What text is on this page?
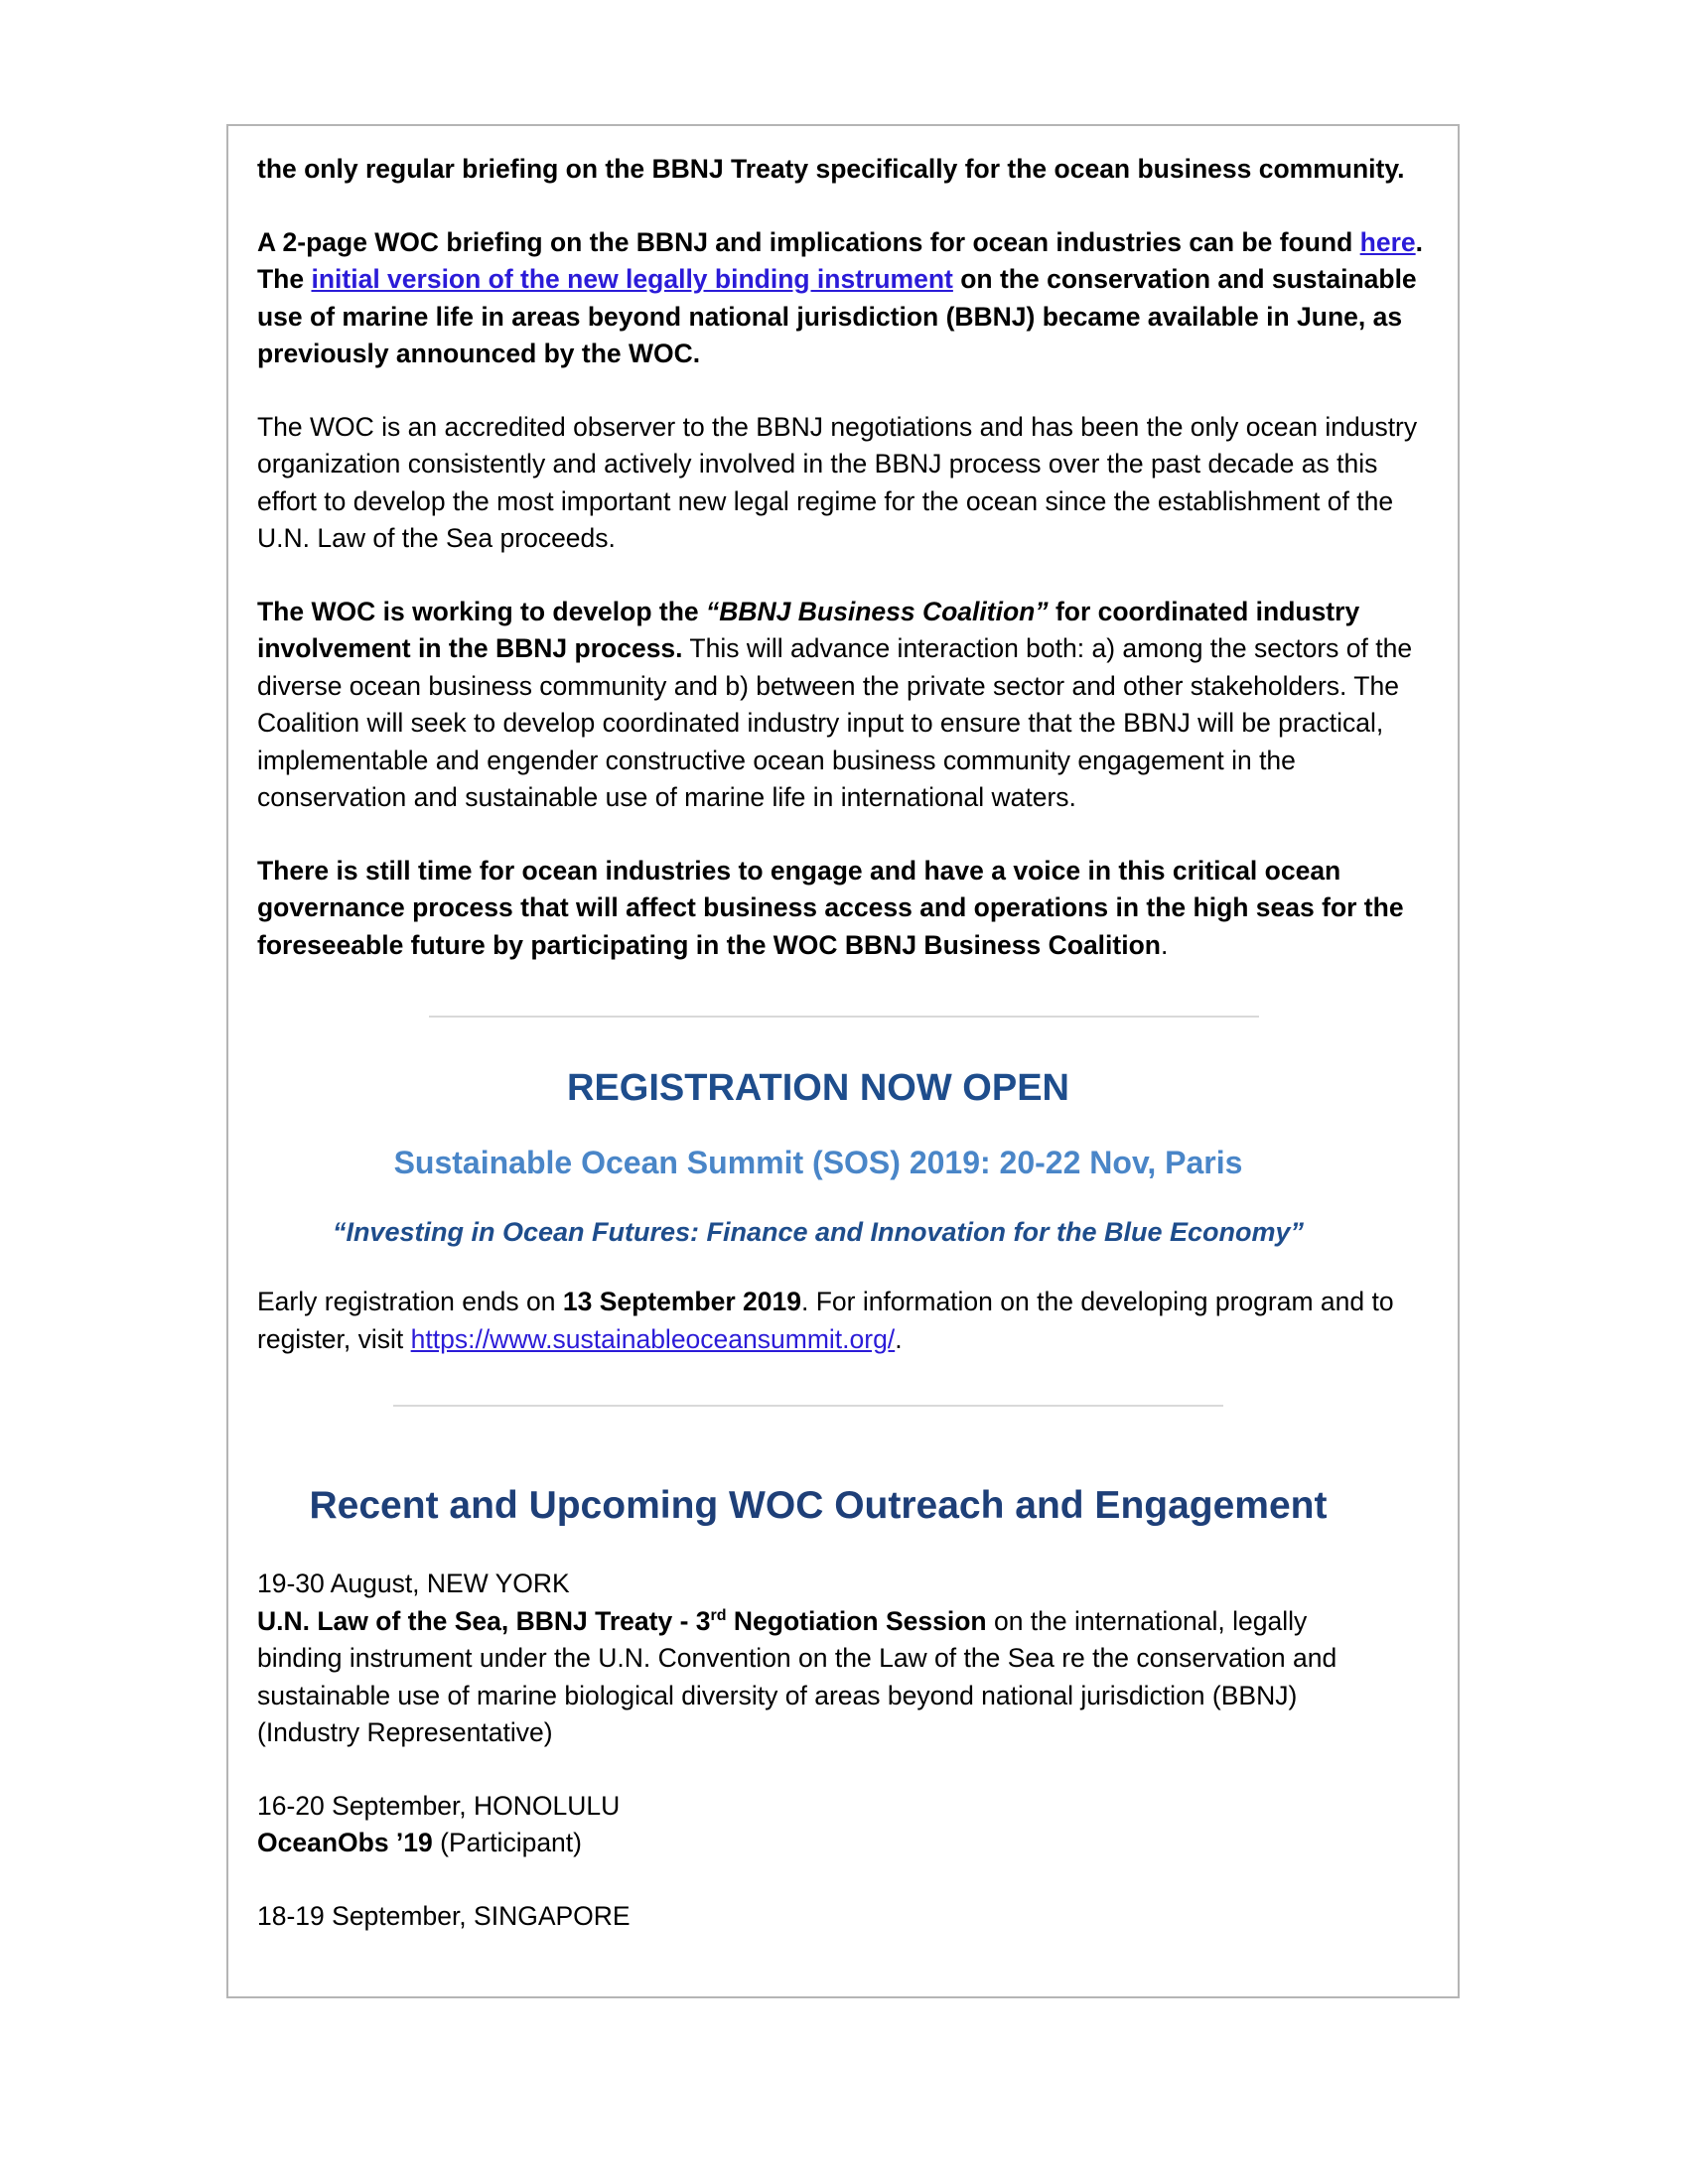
the only regular briefing on the BBNJ Treaty specifically for the ocean business community.

A 2-page WOC briefing on the BBNJ and implications for ocean industries can be found here.
The initial version of the new legally binding instrument on the conservation and sustainable use of marine life in areas beyond national jurisdiction (BBNJ) became available in June, as previously announced by the WOC.

The WOC is an accredited observer to the BBNJ negotiations and has been the only ocean industry organization consistently and actively involved in the BBNJ process over the past decade as this effort to develop the most important new legal regime for the ocean since the establishment of the U.N. Law of the Sea proceeds.

The WOC is working to develop the “BBNJ Business Coalition” for coordinated industry involvement in the BBNJ process. This will advance interaction both: a) among the sectors of the diverse ocean business community and b) between the private sector and other stakeholders. The Coalition will seek to develop coordinated industry input to ensure that the BBNJ will be practical, implementable and engender constructive ocean business community engagement in the conservation and sustainable use of marine life in international waters.

There is still time for ocean industries to engage and have a voice in this critical ocean governance process that will affect business access and operations in the high seas for the foreseeable future by participating in the WOC BBNJ Business Coalition.

REGISTRATION NOW OPEN
Sustainable Ocean Summit (SOS) 2019: 20-22 Nov, Paris
“Investing in Ocean Futures: Finance and Innovation for the Blue Economy”

Early registration ends on 13 September 2019. For information on the developing program and to register, visit https://www.sustainableoceansummit.org/.

Recent and Upcoming WOC Outreach and Engagement

19-30 August, NEW YORK

U.N. Law of the Sea, BBNJ Treaty - 3rd Negotiation Session on the international, legally binding instrument under the U.N. Convention on the Law of the Sea re the conservation and sustainable use of marine biological diversity of areas beyond national jurisdiction (BBNJ) (Industry Representative)

16-20 September, HONOLULU

OceanObs ’19 (Participant)

18-19 September, SINGAPORE
